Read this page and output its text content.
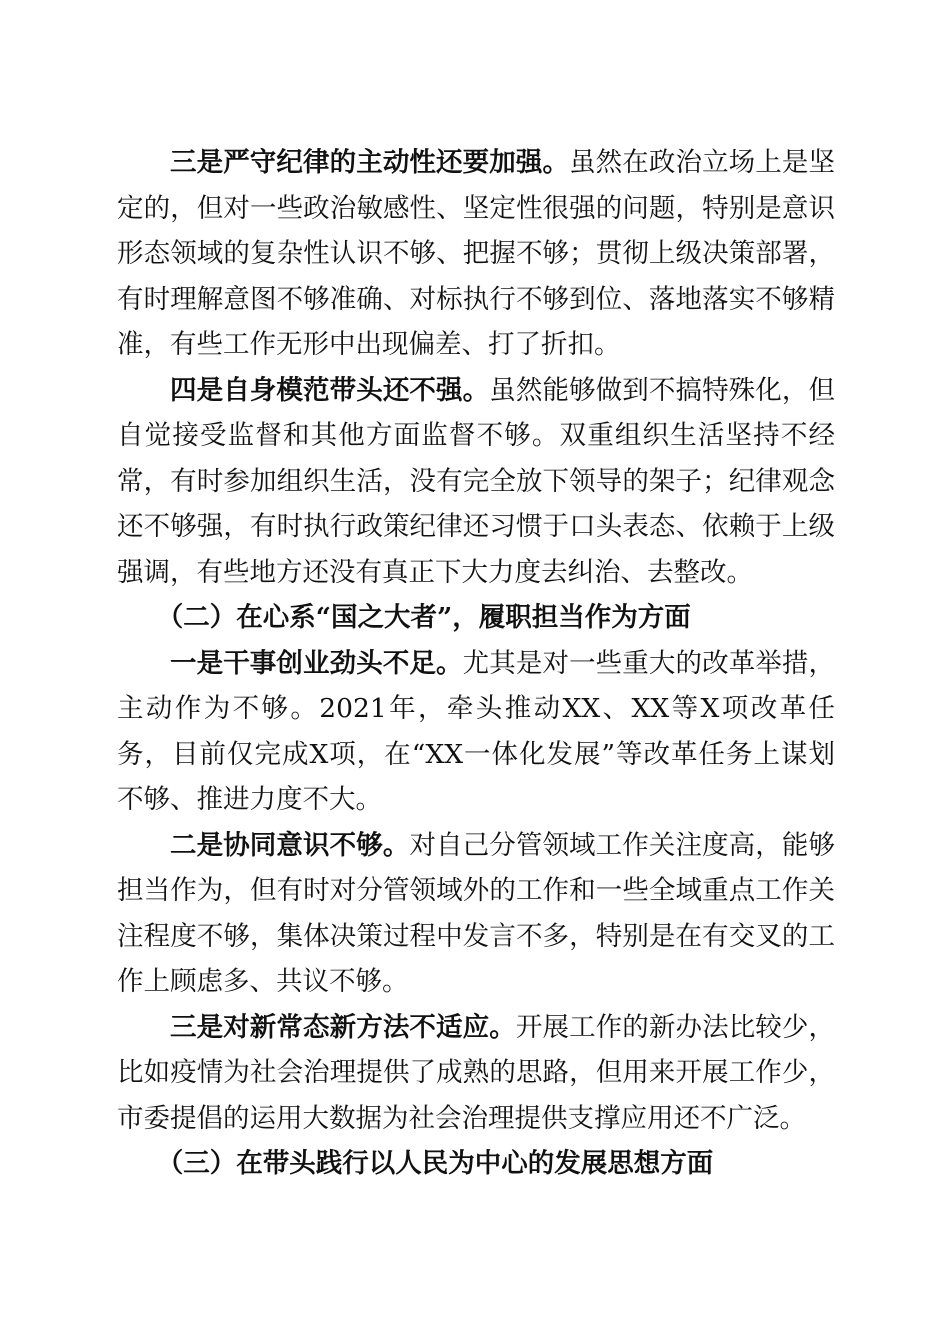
三是严守纪律的主动性还要加强。虽然在政治立场上是坚定的，但对一些政治敏感性、坚定性很强的问题，特别是意识形态领域的复杂性认识不够、把握不够；贯彻上级决策部署，有时理解意图不够准确、对标执行不够到位、落地落实不够精准，有些工作无形中出现偏差、打了折扣。

四是自身模范带头还不强。虽然能够做到不搞特殊化，但自觉接受监督和其他方面监督不够。双重组织生活坚持不经常，有时参加组织生活，没有完全放下领导的架子；纪律观念还不够强，有时执行政策纪律还习惯于口头表态、依赖于上级强调，有些地方还没有真正下大力度去纠治、去整改。

（二）在心系“国之大者”，履职担当作为方面

一是干事创业劲头不足。尤其是对一些重大的改革举措，主动作为不够。2021年，牵头推动XX、XX等X项改革任务，目前仅完成X项，在“XX一体化发展”等改革任务上谋划不够、推进力度不大。

二是协同意识不够。对自己分管领域工作关注度高，能够担当作为，但有时对分管领域外的工作和一些全域重点工作关注程度不够，集体决策过程中发言不多，特别是在有交叉的工作上顾虑多、共议不够。

三是对新常态新方法不适应。开展工作的新办法比较少，比如疫情为社会治理提供了成熟的思路，但用来开展工作少，市委提倡的运用大数据为社会治理提供支撑应用还不广泛。

（三）在带头践行以人民为中心的发展思想方面
